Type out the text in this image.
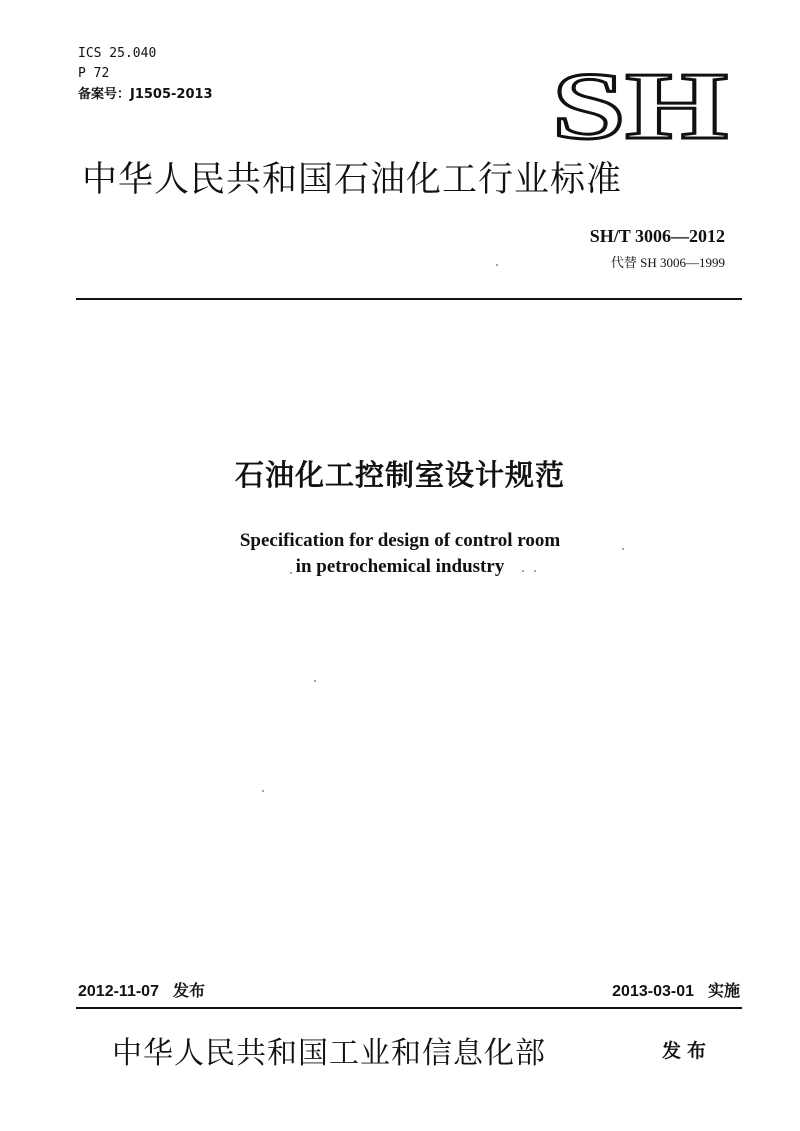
ICS 25.040
P 72
备案号：J1505-2013	SH
中华人民共和国石油化工行业标准
SH/T 3006—2012
代替 SH 3006—1999
石油化工控制室设计规范
Specification for design of control room
in petrochemical industry
2012-11-07 发布	2013-03-01 实施
中华人民共和国工业和信息化部	发布
